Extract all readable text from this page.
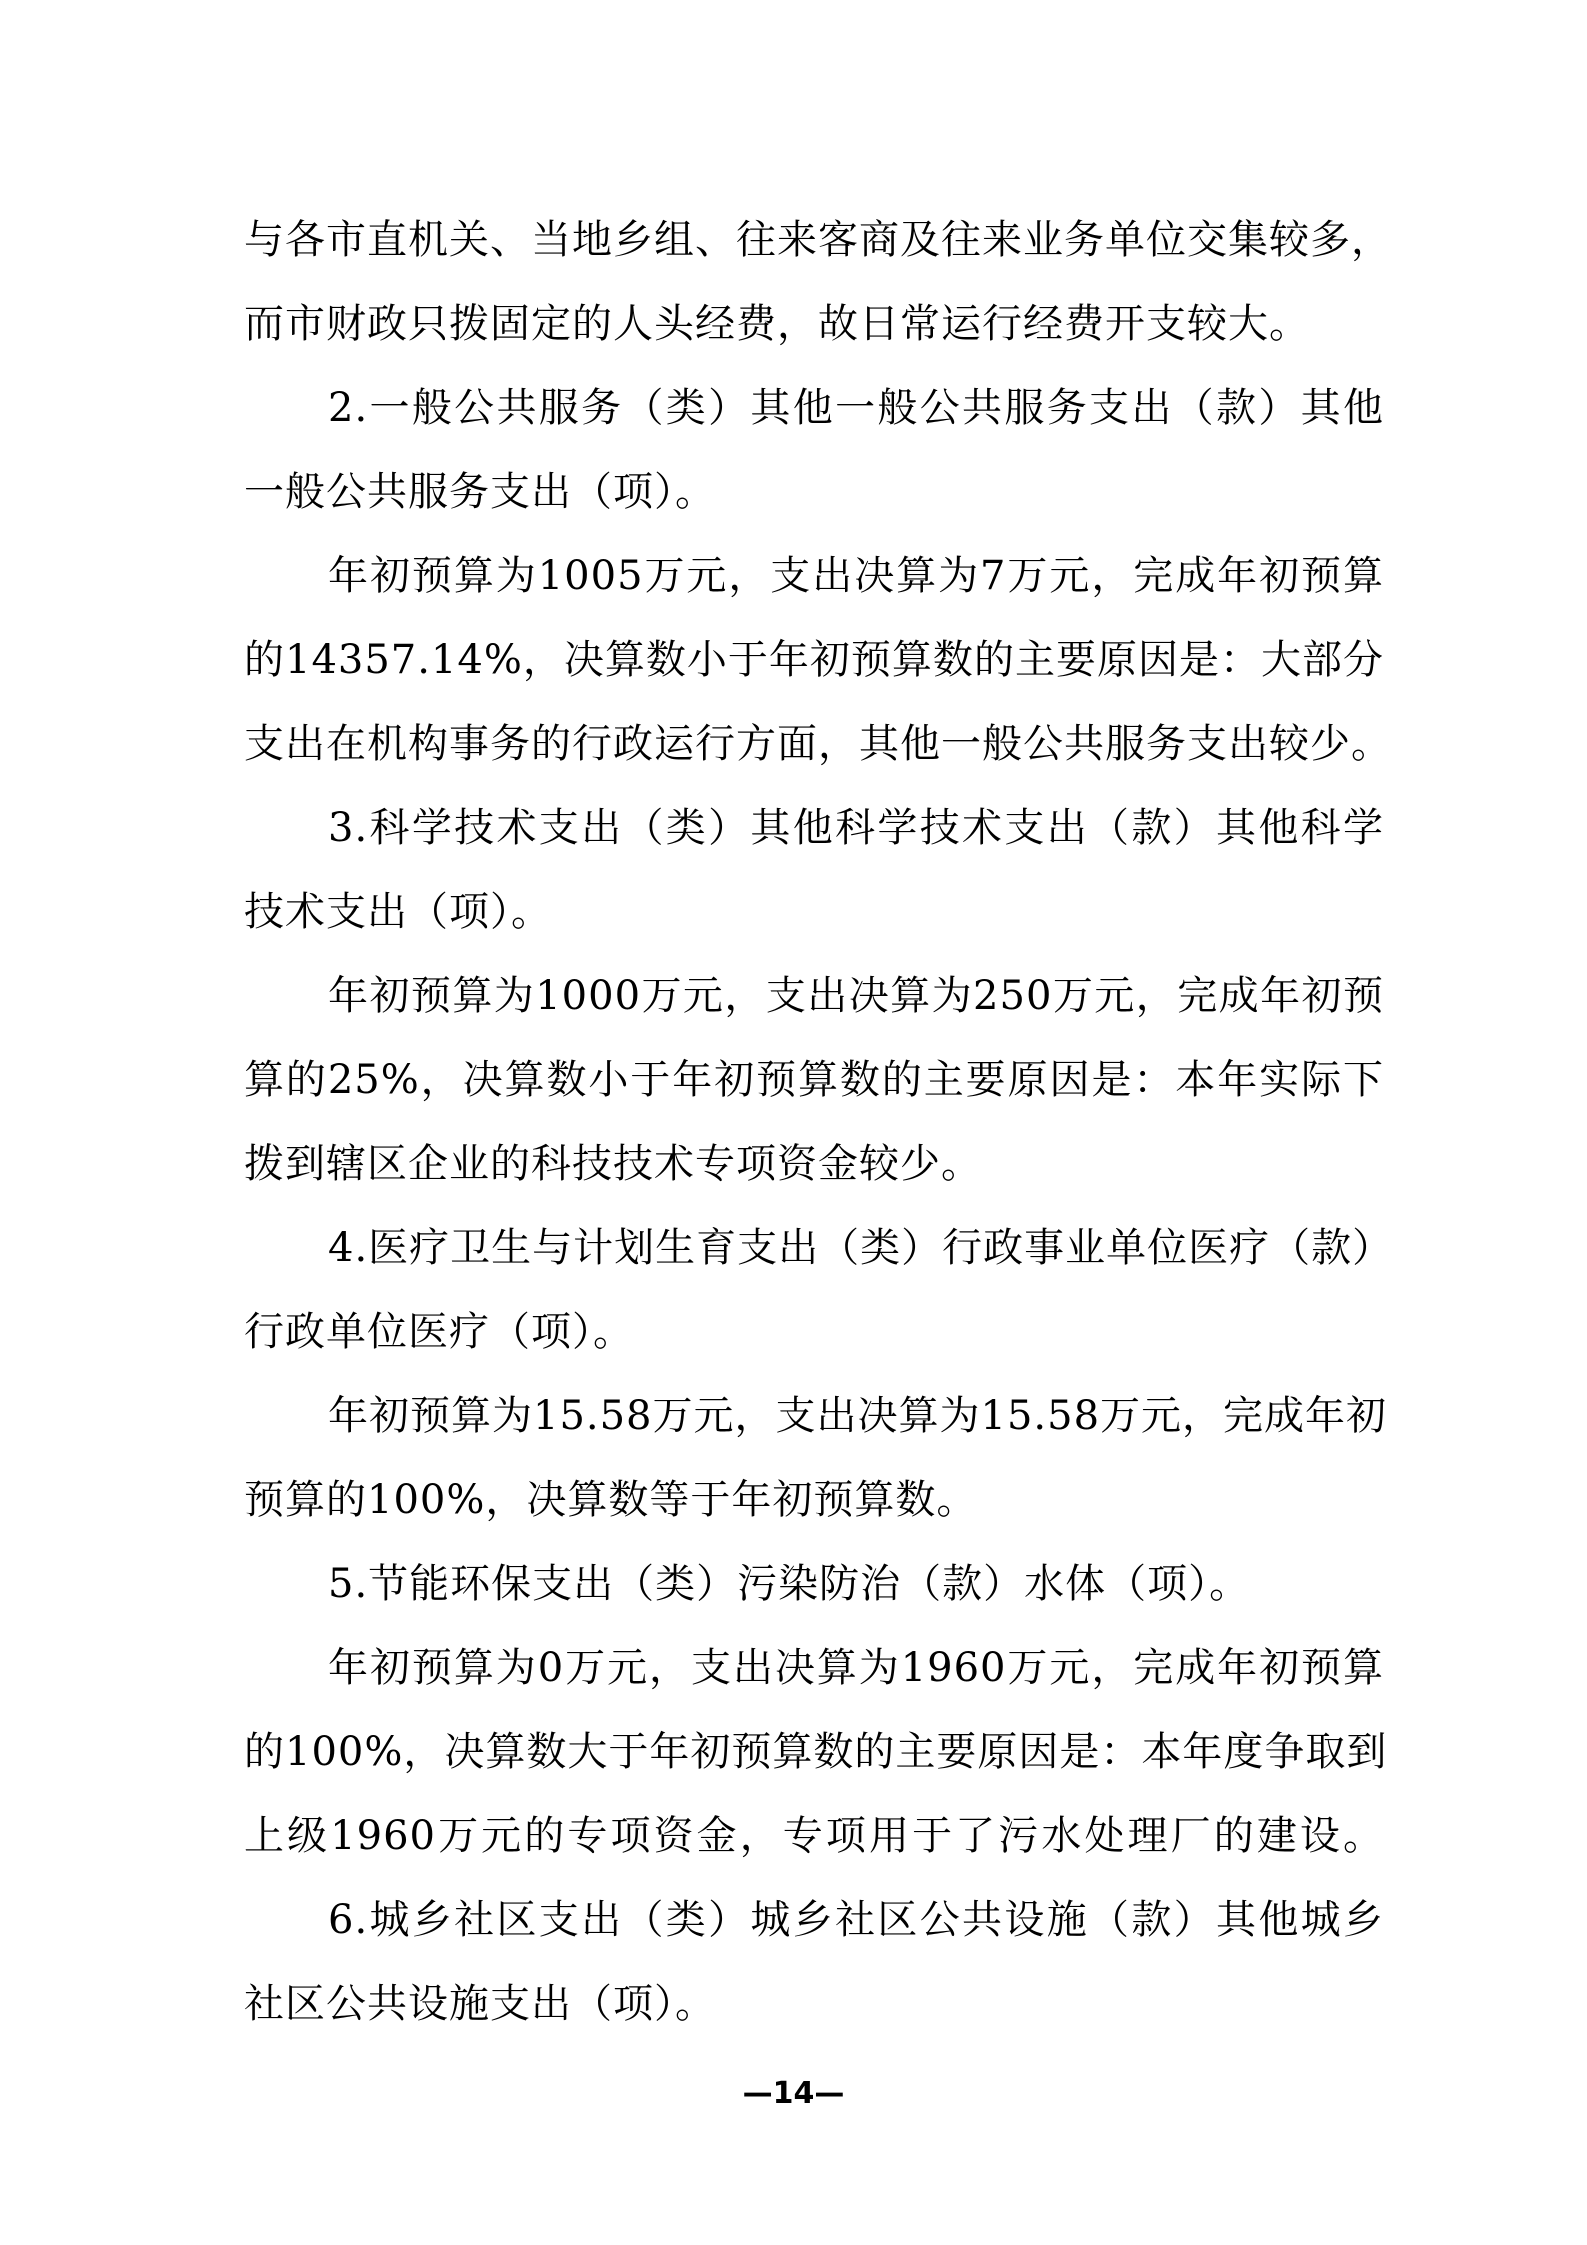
与各市直机关、当地乡组、往来客商及往来业务单位交集较多，
而市财政只拨固定的人头经费，故日常运行经费开支较大。
2.一般公共服务（类）其他一般公共服务支出（款）其他
一般公共服务支出（项）。
年初预算为1005万元，支出决算为7万元，完成年初预算
的14357.14%，决算数小于年初预算数的主要原因是：大部分
支出在机构事务的行政运行方面，其他一般公共服务支出较少。
3.科学技术支出（类）其他科学技术支出（款）其他科学
技术支出（项）。
年初预算为1000万元，支出决算为250万元，完成年初预
算的25%，决算数小于年初预算数的主要原因是：本年实际下
拨到辖区企业的科技技术专项资金较少。
4.医疗卫生与计划生育支出（类）行政事业单位医疗（款）
行政单位医疗（项）。
年初预算为15.58万元，支出决算为15.58万元，完成年初
预算的100%，决算数等于年初预算数。
5.节能环保支出（类）污染防治（款）水体（项）。
年初预算为0万元，支出决算为1960万元，完成年初预算
的100%，决算数大于年初预算数的主要原因是：本年度争取到
上级1960万元的专项资金，专项用于了污水处理厂的建设。
6.城乡社区支出（类）城乡社区公共设施（款）其他城乡
社区公共设施支出（项）。
—14—
